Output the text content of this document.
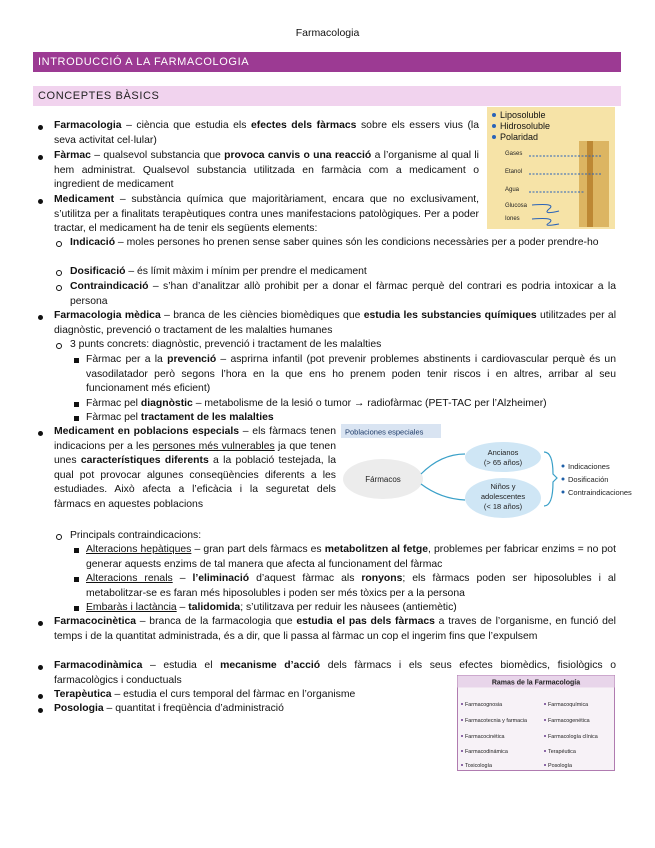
Farmacologia
INTRODUCCIÓ A LA FARMACOLOGIA
CONCEPTES BÀSICS
Farmacologia – ciència que estudia els efectes dels fàrmacs sobre els essers vius (la seva activitat cel·lular)
Fàrmac – qualsevol substancia que provoca canvis o una reacció a l’organisme al qual li hem administrat. Qualsevol substancia utilitzada en farmàcia com a medicament o ingredient de medicament
Medicament – substància química que majoritàriament, encara que no exclusivament, s’utilitza per a finalitats terapèutiques contra unes manifestacions patològiques. Per a poder tractar, el medicament ha de tenir els següents elements:
Indicació – moles persones ho prenen sense saber quines són les condicions necessàries per a poder prendre-ho
Dosificació – és límit màxim i mínim per prendre el medicament
Contraindicació – s’han d’analitzar allò prohibit per a donar el fàrmac perquè del contrari es podria intoxicar a la persona
Farmacologia mèdica – branca de les ciències biomèdiques que estudia les substancies químiques utilitzades per al diagnòstic, prevenció o tractament de les malalties humanes
3 punts concrets: diagnòstic, prevenció i tractament de les malalties
Fàrmac per a la prevenció – asprirna infantil (pot prevenir problemes abstinents i cardiovascular perquè és un vasodilatador però segons l’hora en la que ens ho prenem poden tenir riscos i en altres, arribar al seu funcionament més eficient)
Fàrmac pel diagnòstic – metabolisme de la lesió o tumor → radiofàrmac (PET-TAC per l’Alzheimer)
Fàrmac pel tractament de les malalties
Medicament en poblacions especials – els fàrmacs tenen indicacions per a les persones més vulnerables ja que tenen unes característiques diferents a la població testejada, la qual pot provocar algunes conseqüències diferents a les estudiades. Això afecta a l’eficàcia i la seguretat dels fàrmacs en aquestes poblacions
Principals contraindicacions:
Alteracions hepàtiques – gran part dels fàrmacs es metabolitzen al fetge, problemes per fabricar enzims = no pot generar aquests enzims de tal manera que afecta al funcionament del fàrmac
Alteracions renals – l’eliminació d’aquest fàrmac als ronyons; els fàrmacs poden ser hiposolubles i al metabolitzar-se es faran més hiposolubles i poden ser més tòxics per a la persona
Embaràs i lactància – talidomida; s’utilitzava per reduir les nàusees (antiemètic)
Farmacocinètica – branca de la farmacologia que estudia el pas dels fàrmacs a traves de l’organisme, en funció del temps i de la quantitat administrada, és a dir, que li passa al fàrmac un cop el ingerim fins que l’expulsem
Farmacodinàmica – estudia el mecanisme d’acció dels fàrmacs i els seus efectes biomèdics, fisiològics o farmacològics i conductuals
Terapèutica – estudia el curs temporal del fàrmac en l’organisme
Posologia – quantitat i freqüència d’administració
Liposoluble
Hidrosoluble
Polaridad
Gases
Etanol
Agua
Glucosa
Iones
Poblaciones especiales
Fármacos
Ancianos
(> 65 años)
Niños y
adolescentes
(< 18 años)
Indicaciones
Dosificación
Contraindicaciones
Ramas de la Farmacología
Farmacognosia
Farmacotecnia y farmacia
Farmacocinética
Farmacodinámica
Toxicología
Farmacoquímica
Farmacogenética
Farmacología clínica
Terapéutica
Posología
